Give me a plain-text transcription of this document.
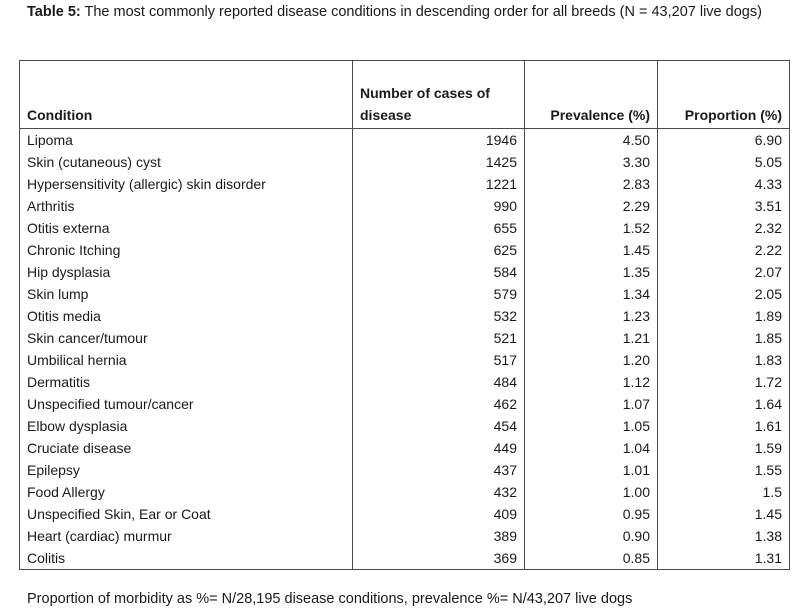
Table 5: The most commonly reported disease conditions in descending order for all breeds (N = 43,207 live dogs)
Condition	Number of cases of disease	Prevalence (%)	Proportion (%)
Lipoma	1946	4.50	6.90
Skin (cutaneous) cyst	1425	3.30	5.05
Hypersensitivity (allergic) skin disorder	1221	2.83	4.33
Arthritis	990	2.29	3.51
Otitis externa	655	1.52	2.32
Chronic Itching	625	1.45	2.22
Hip dysplasia	584	1.35	2.07
Skin lump	579	1.34	2.05
Otitis media	532	1.23	1.89
Skin cancer/tumour	521	1.21	1.85
Umbilical hernia	517	1.20	1.83
Dermatitis	484	1.12	1.72
Unspecified tumour/cancer	462	1.07	1.64
Elbow dysplasia	454	1.05	1.61
Cruciate disease	449	1.04	1.59
Epilepsy	437	1.01	1.55
Food Allergy	432	1.00	1.5
Unspecified Skin, Ear or Coat	409	0.95	1.45
Heart (cardiac) murmur	389	0.90	1.38
Colitis	369	0.85	1.31
Proportion of morbidity as %= N/28,195 disease conditions, prevalence %= N/43,207 live dogs
